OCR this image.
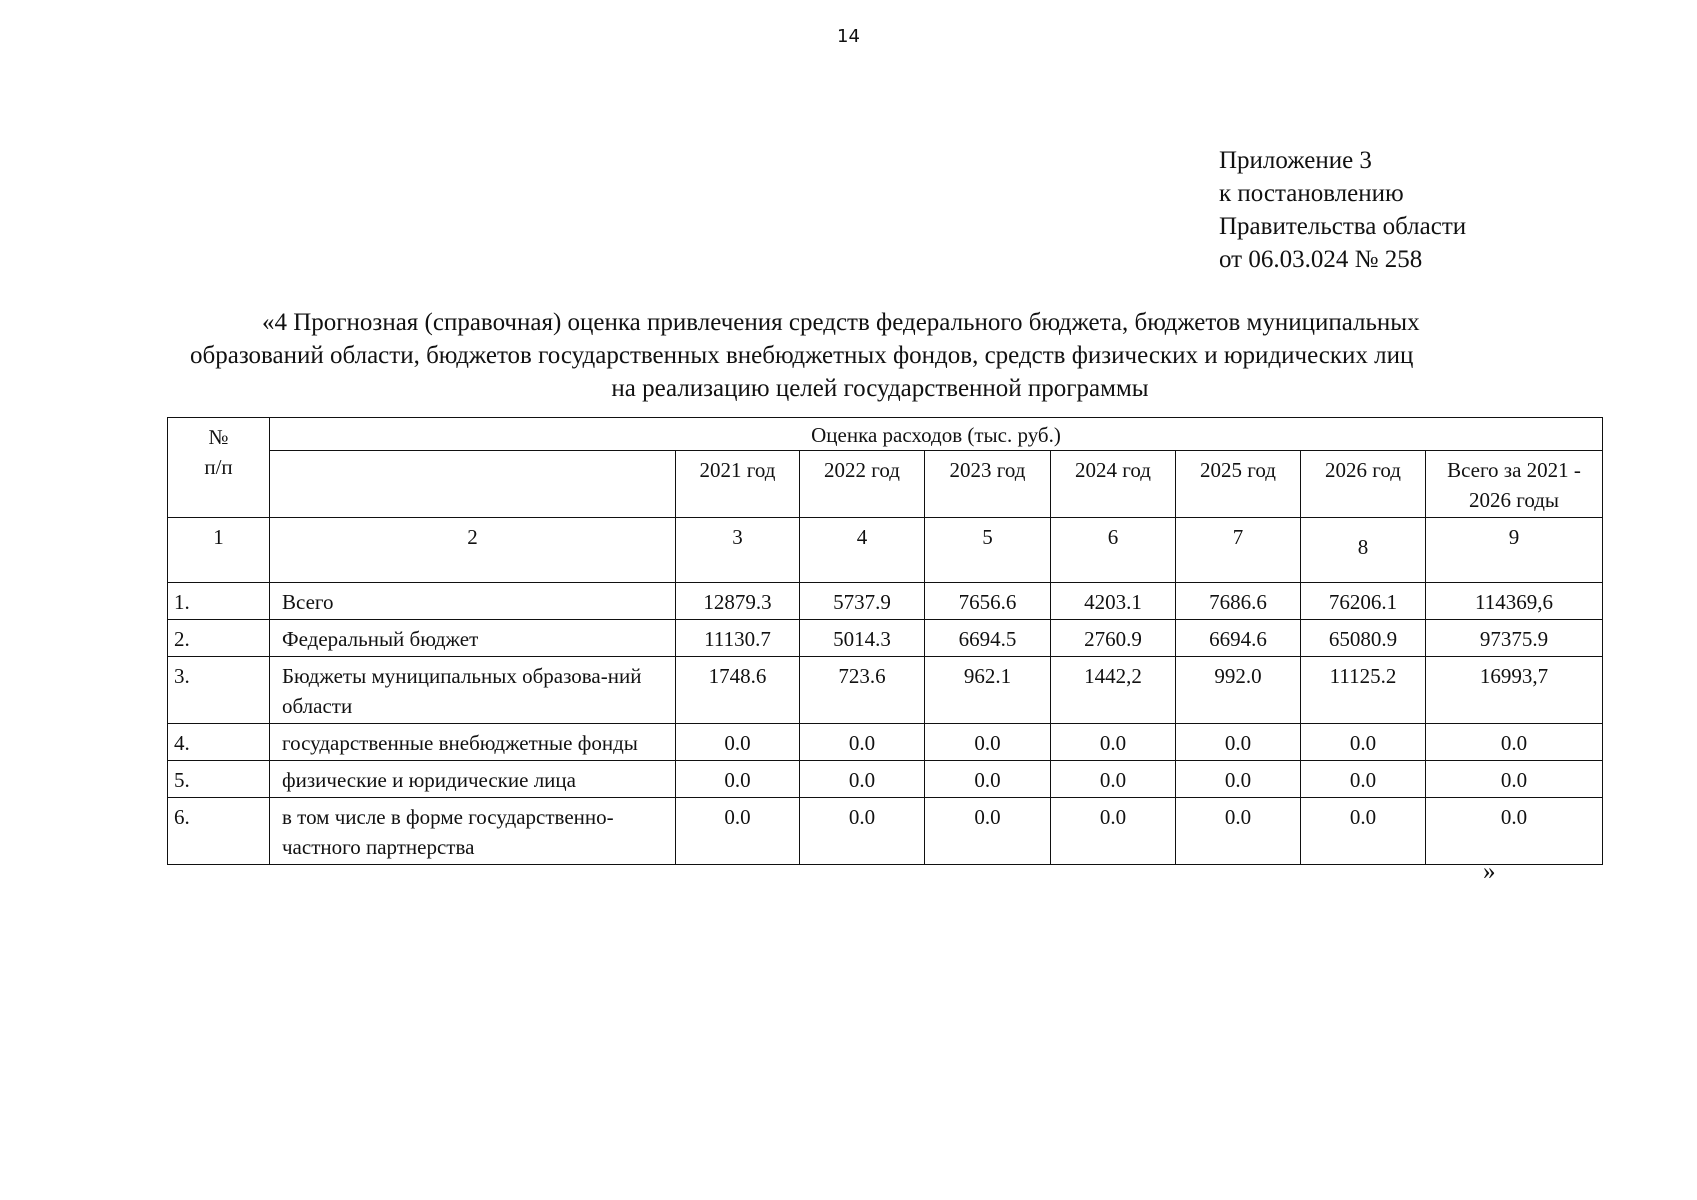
14
Приложение 3
к постановлению
Правительства области
от 06.03.024 № 258
«4 Прогнозная (справочная) оценка привлечения средств федерального бюджета, бюджетов муниципальных
образований области, бюджетов государственных внебюджетных фондов, средств физических и юридических лиц
на реализацию целей государственной программы
№
п/п	Оценка расходов (тыс. руб.)							
		2021 год	2022 год	2023 год	2024 год	2025 год	2026 год	Всего за 2021 - 2026 годы
1	2	3	4	5	6	7	8	9
1.	Всего	12879.3	5737.9	7656.6	4203.1	7686.6	76206.1	114369,6
2.	Федеральный бюджет	11130.7	5014.3	6694.5	2760.9	6694.6	65080.9	97375.9
3.	Бюджеты муниципальных образова-ний области	1748.6	723.6	962.1	1442,2	992.0	11125.2	16993,7
4.	государственные внебюджетные фонды	0.0	0.0	0.0	0.0	0.0	0.0	0.0
5.	физические и юридические лица	0.0	0.0	0.0	0.0	0.0	0.0	0.0
6.	в том числе в форме государственно-частного партнерства	0.0	0.0	0.0	0.0	0.0	0.0	0.0
»
